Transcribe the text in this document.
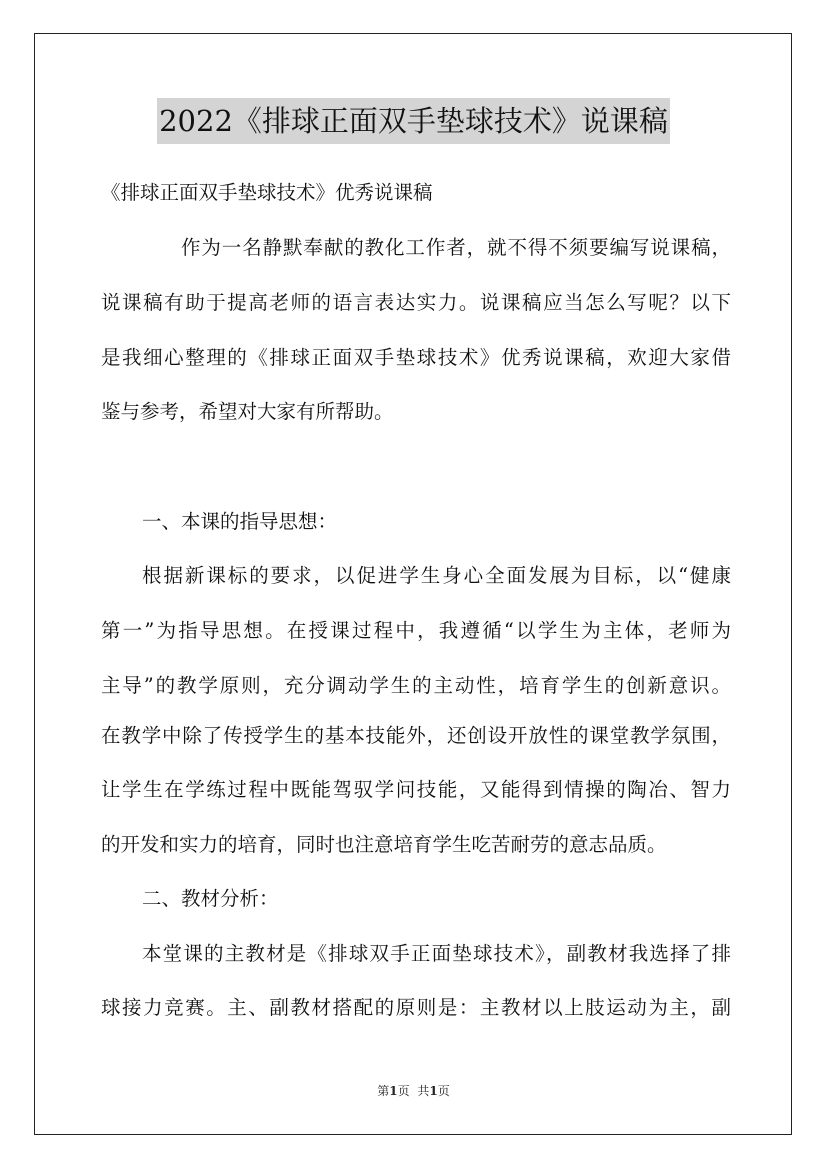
2022《排球正面双手垫球技术》说课稿
《排球正面双手垫球技术》优秀说课稿
作为一名静默奉献的教化工作者，就不得不须要编写说课稿，
说课稿有助于提高老师的语言表达实力。说课稿应当怎么写呢？以下
是我细心整理的《排球正面双手垫球技术》优秀说课稿，欢迎大家借
鉴与参考，希望对大家有所帮助。
一、本课的指导思想：
根据新课标的要求，以促进学生身心全面发展为目标，以“健康
第一”为指导思想。在授课过程中，我遵循“以学生为主体，老师为
主导”的教学原则，充分调动学生的主动性，培育学生的创新意识。
在教学中除了传授学生的基本技能外，还创设开放性的课堂教学氛围，
让学生在学练过程中既能驾驭学问技能，又能得到情操的陶冶、智力
的开发和实力的培育，同时也注意培育学生吃苦耐劳的意志品质。
二、教材分析：
本堂课的主教材是《排球双手正面垫球技术》，副教材我选择了排
球接力竞赛。主、副教材搭配的原则是：主教材以上肢运动为主，副
第1页 共1页
